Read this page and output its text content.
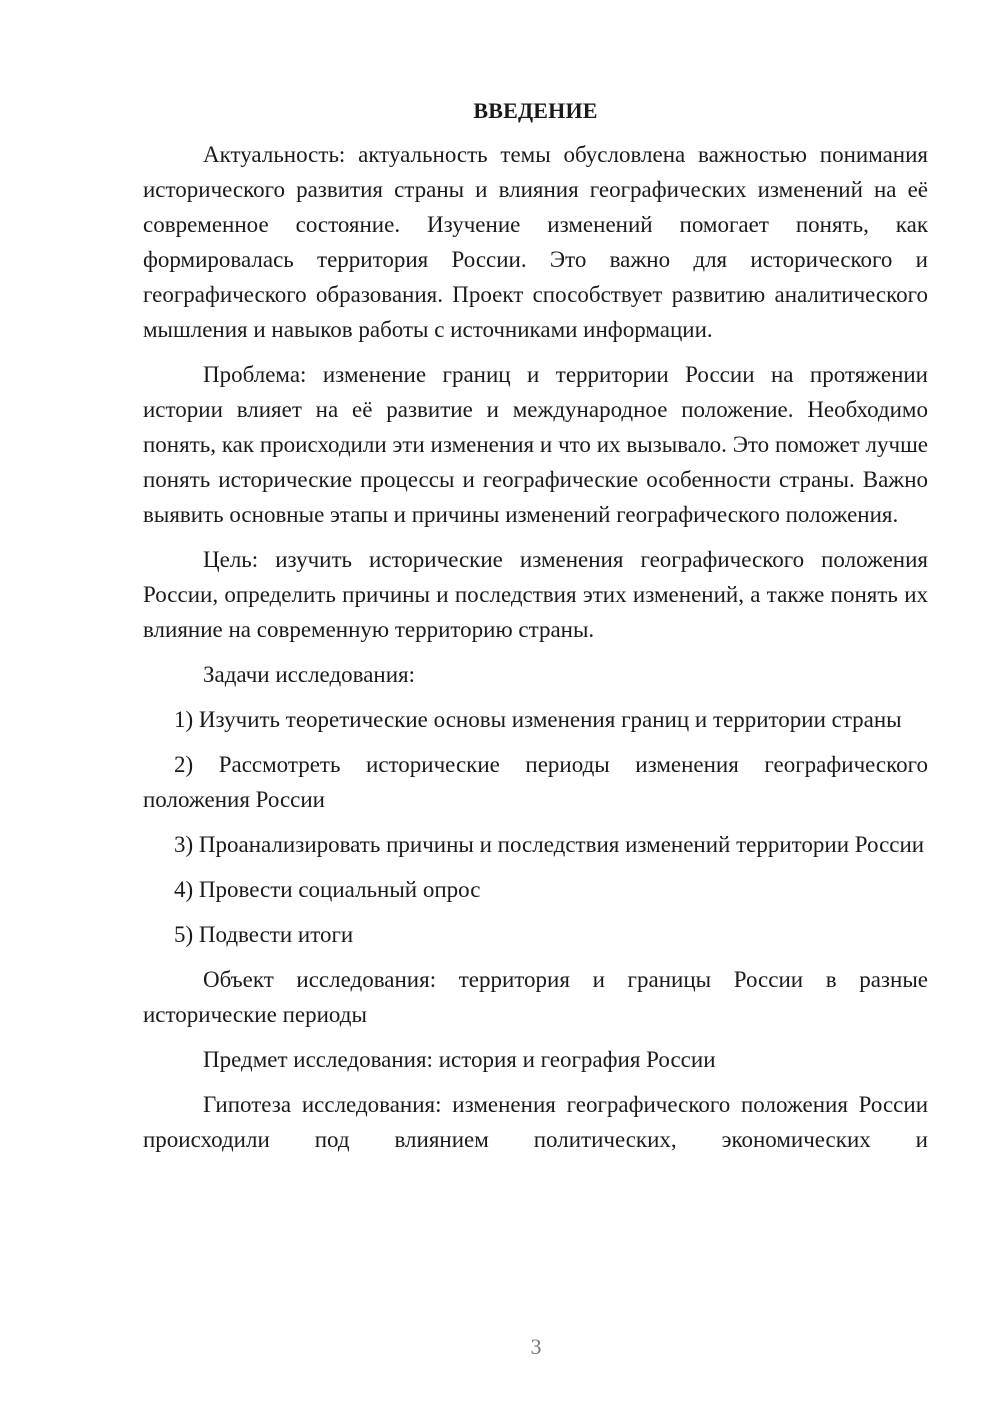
ВВЕДЕНИЕ

Актуальность: актуальность темы обусловлена важностью понимания исторического развития страны и влияния географических изменений на её современное состояние. Изучение изменений помогает понять, как формировалась территория России. Это важно для исторического и географического образования. Проект способствует развитию аналитического мышления и навыков работы с источниками информации.

Проблема: изменение границ и территории России на протяжении истории влияет на её развитие и международное положение. Необходимо понять, как происходили эти изменения и что их вызывало. Это поможет лучше понять исторические процессы и географические особенности страны. Важно выявить основные этапы и причины изменений географического положения.

Цель: изучить исторические изменения географического положения России, определить причины и последствия этих изменений, а также понять их влияние на современную территорию страны.

Задачи исследования:

1) Изучить теоретические основы изменения границ и территории страны

2) Рассмотреть исторические периоды изменения географического положения России

3) Проанализировать причины и последствия изменений территории России

4) Провести социальный опрос

5) Подвести итоги

Объект исследования: территория и границы России в разные исторические периоды

Предмет исследования: история и география России

Гипотеза исследования: изменения географического положения России происходили под влиянием политических, экономических и

3
